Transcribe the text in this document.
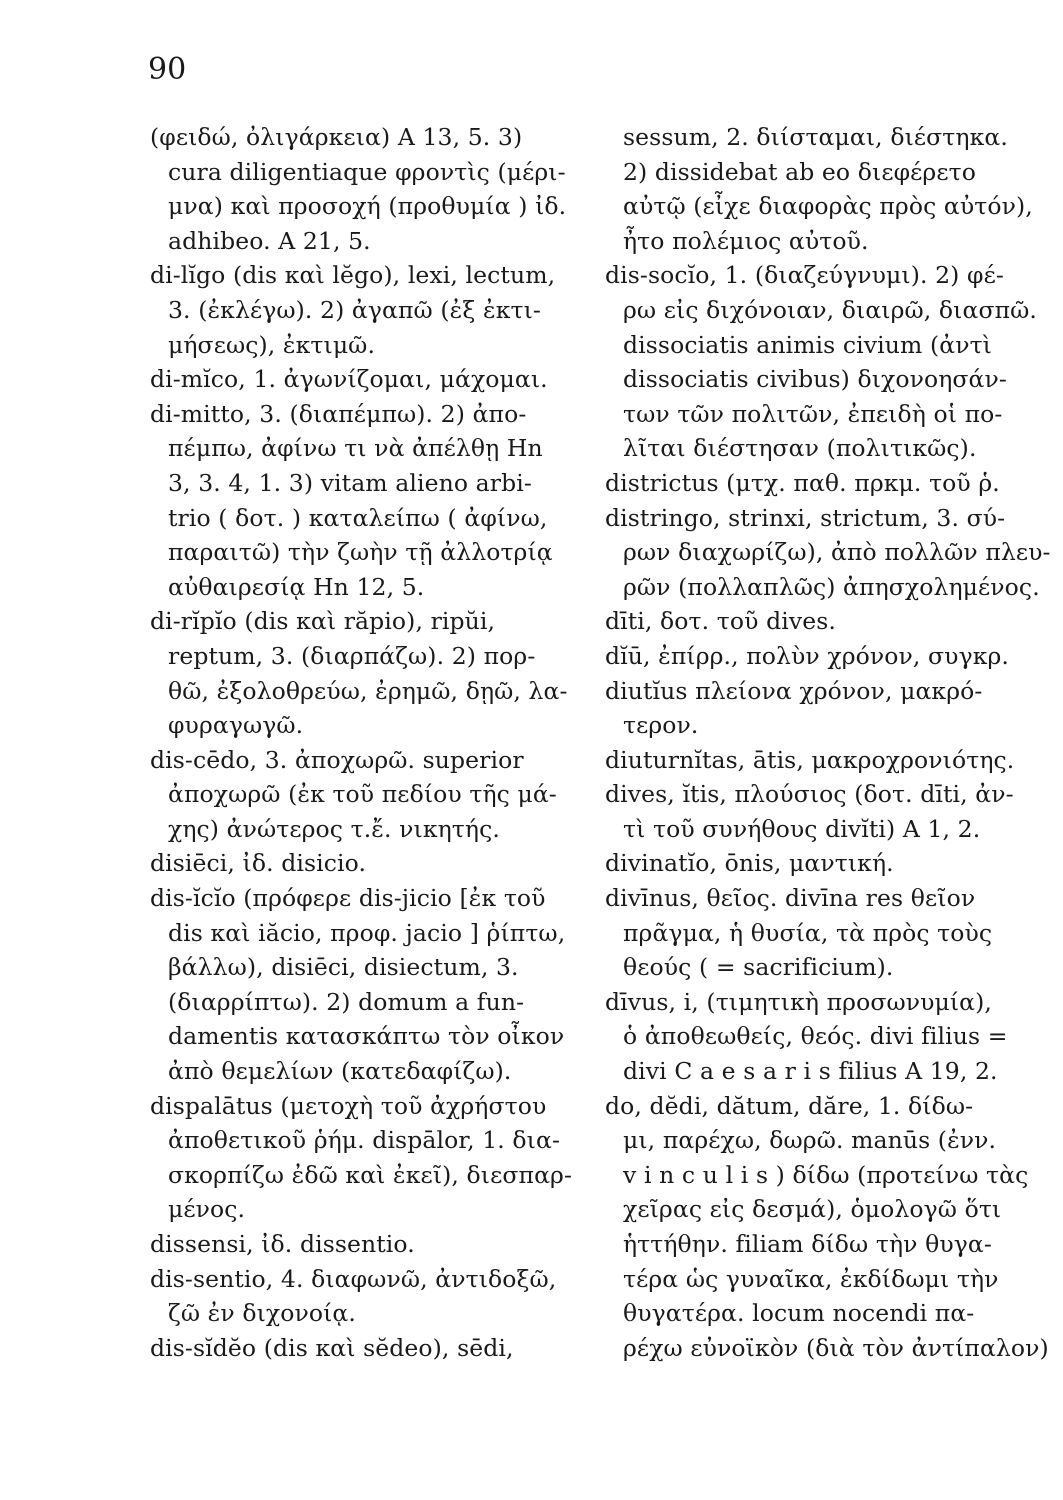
90
(φειδώ, ὀλιγάρκεια) A 13, 5. 3)
cura diligentiaque φροντὶς (μέρι-
μνα) καὶ προσοχή (προθυμία ) ἰδ.
adhibeo. A 21, 5.
di-lĭgo (dis καὶ lĕgo), lexi, lectum,
3. (ἐκλέγω). 2) ἀγαπῶ (ἐξ ἐκτι-
μήσεως), ἐκτιμῶ.
di-mĭco, 1. ἀγωνίζομαι, μάχομαι.
di-mitto, 3. (διαπέμπω). 2) ἀπο-
πέμπω, ἀφίνω τι νὰ ἀπέλθῃ Hn
3, 3. 4, 1. 3) vitam alieno arbi-
trio ( δοτ. ) καταλείπω ( ἀφίνω,
παραιτῶ) τὴν ζωὴν τῇ ἀλλοτρίᾳ
αὐθαιρεσίᾳ Hn 12, 5.
di-rĭpĭo (dis καὶ răpio), ripŭi,
reptum, 3. (διαρπάζω). 2) πορ-
θῶ, ἐξολοθρεύω, ἐρημῶ, δῃῶ, λα-
φυραγωγῶ.
dis-cēdo, 3. ἀποχωρῶ. superior
ἀποχωρῶ (ἐκ τοῦ πεδίου τῆς μά-
χης) ἀνώτερος τ.ἔ. νικητής.
disiēci, ἰδ. disicio.
dis-ĭcĭo (πρόφερε dis-jicio [ἐκ τοῦ
dis καὶ iăcio, προφ. jacio ] ῥίπτω,
βάλλω), disiēci, disiectum, 3.
(διαρρίπτω). 2) domum a fun-
damentis κατασκάπτω τὸν οἶκον
ἀπὸ θεμελίων (κατεδαφίζω).
dispalātus (μετοχὴ τοῦ ἀχρήστου
ἀποθετικοῦ ῥήμ. dispālor, 1. δια-
σκορπίζω ἐδῶ καὶ ἐκεῖ), διεσπαρ-
μένος.
dissensi, ἰδ. dissentio.
dis-sentio, 4. διαφωνῶ, ἀντιδοξῶ,
ζῶ ἐν διχονοίᾳ.
dis-sĭdĕo (dis καὶ sĕdeo), sēdi,
sessum, 2. διίσταμαι, διέστηκα.
2) dissidebat ab eo διεφέρετο
αὐτῷ (εἶχε διαφορὰς πρὸς αὐτόν),
ἦτο πολέμιος αὐτοῦ.
dis-socĭo, 1. (διαζεύγνυμι). 2) φέ-
ρω εἰς διχόνοιαν, διαιρῶ, διασπῶ.
dissociatis animis civium (ἀντὶ
dissociatis civibus) διχονοησάν-
των τῶν πολιτῶν, ἐπειδὴ οἱ πο-
λῖται διέστησαν (πολιτικῶς).
districtus (μτχ. παθ. πρκμ. τοῦ ῥ.
distringo, strinxi, strictum, 3. σύ-
ρων διαχωρίζω), ἀπὸ πολλῶν πλευ-
ρῶν (πολλαπλῶς) ἀπησχολημένος.
dīti, δοτ. τοῦ dives.
dĭū, ἐπίρρ., πολὺν χρόνον, συγκρ.
diutĭus πλείονα χρόνον, μακρό-
τερον.
diuturnĭtas, ātis, μακροχρονιότης.
dives, ĭtis, πλούσιος (δοτ. dīti, ἀν-
τὶ τοῦ συνήθους divĭti) A 1, 2.
divinatĭo, ōnis, μαντική.
divīnus, θεῖος. divīna res θεῖον
πρᾶγμα, ἡ θυσία, τὰ πρὸς τοὺς
θεούς ( = sacrificium).
dīvus, i, (τιμητικὴ προσωνυμία),
ὁ ἀποθεωθείς, θεός. divi filius =
divi C a e s a r i s filius A 19, 2.
do, dĕdi, dătum, dăre, 1. δίδω-
μι, παρέχω, δωρῶ. manūs (ἐνν.
v i n c u l i s ) δίδω (προτείνω τὰς
χεῖρας εἰς δεσμά), ὁμολογῶ ὅτι
ἡττήθην. filiam δίδω τὴν θυγα-
τέρα ὡς γυναῖκα, ἐκδίδωμι τὴν
θυγατέρα. locum nocendi πα-
ρέχω εὐνοϊκὸν (διὰ τὸν ἀντίπαλον)
